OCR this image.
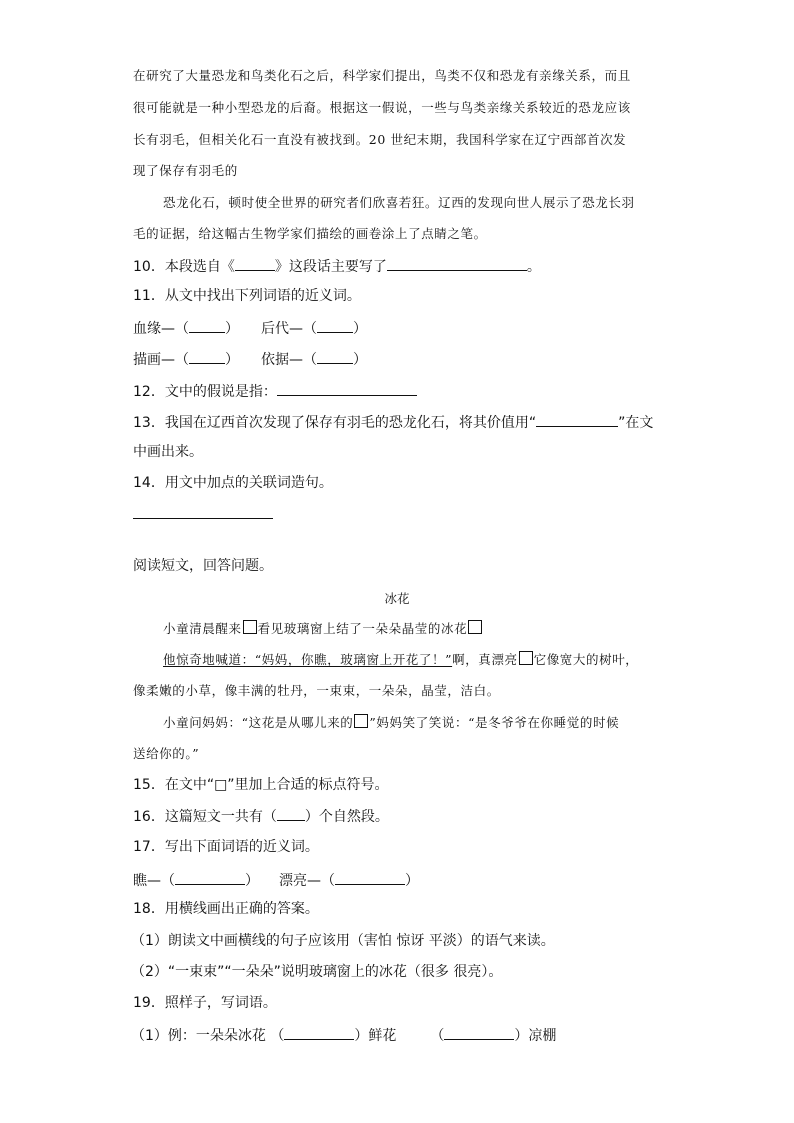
在研究了大量恐龙和鸟类化石之后，科学家们提出，鸟类不仅和恐龙有亲缘关系，而且
很可能就是一种小型恐龙的后裔。根据这一假说，一些与鸟类亲缘关系较近的恐龙应该
长有羽毛，但相关化石一直没有被找到。20 世纪末期，我国科学家在辽宁西部首次发
现了保存有羽毛的
恐龙化石，顿时使全世界的研究者们欣喜若狂。辽西的发现向世人展示了恐龙长羽
毛的证据，给这幅古生物学家们描绘的画卷涂上了点睛之笔。
10．本段选自《	》这段话主要写了	。
11．从文中找出下列词语的近义词。
血缘—（	） 后代—（	）
描画—（	） 依据—（	）
12．文中的假说是指：
13．我国在辽西首次发现了保存有羽毛的恐龙化石，将其价值用“	”在文
中画出来。
14．用文中加点的关联词造句。
阅读短文，回答问题。
冰花
小童清晨醒来 看见玻璃窗上结了一朵朵晶莹的冰花
他惊奇地喊道：“妈妈，你瞧，玻璃窗上开花了！”啊，真漂亮 它像宽大的树叶，
像柔嫩的小草，像丰满的牡丹，一束束，一朵朵，晶莹，洁白。
小童问妈妈：“这花是从哪儿来的 ”妈妈笑了笑说：“是冬爷爷在你睡觉的时候
送给你的。”
15．在文中“□”里加上合适的标点符号。
16．这篇短文一共有（ ）个自然段。
17．写出下面词语的近义词。
瞧—（	） 漂亮—（	）
18．用横线画出正确的答案。
（1）朗读文中画横线的句子应该用（害怕 惊讶 平淡）的语气来读。
（2）“一束束”“一朵朵”说明玻璃窗上的冰花（很多 很亮）。
19．照样子，写词语。
（1）例：一朵朵冰花 （	）鲜花 （	）凉棚
